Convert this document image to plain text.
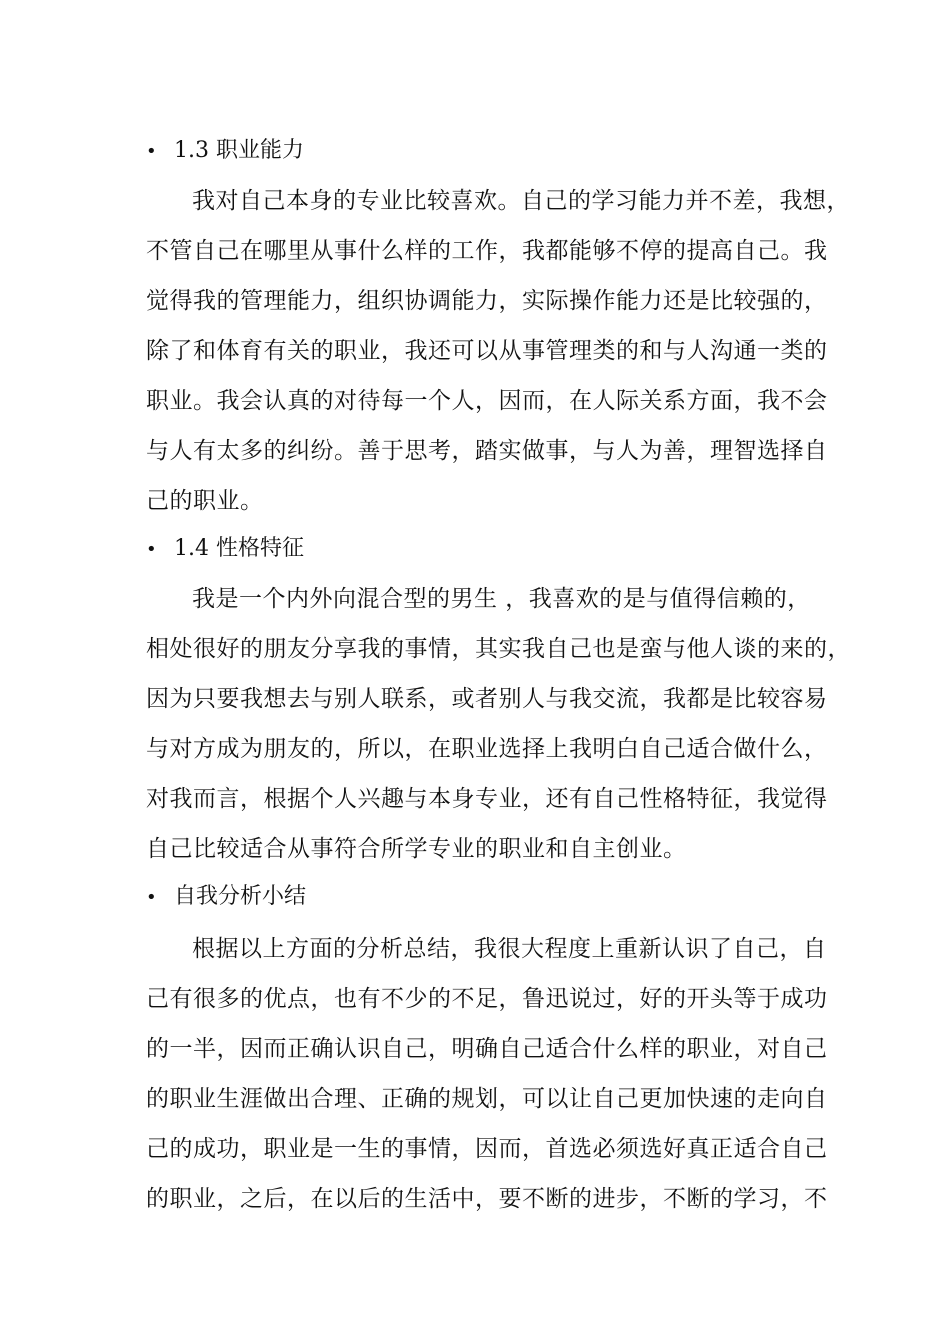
• 1.3 职业能力
我对自己本身的专业比较喜欢。自己的学习能力并不差，我想，
不管自己在哪里从事什么样的工作，我都能够不停的提高自己。我
觉得我的管理能力，组织协调能力，实际操作能力还是比较强的，
除了和体育有关的职业，我还可以从事管理类的和与人沟通一类的
职业。我会认真的对待每一个人，因而，在人际关系方面，我不会
与人有太多的纠纷。善于思考，踏实做事，与人为善，理智选择自
己的职业。
• 1.4 性格特征
我是一个内外向混合型的男生 ，我喜欢的是与值得信赖的，
相处很好的朋友分享我的事情，其实我自己也是蛮与他人谈的来的，
因为只要我想去与别人联系，或者别人与我交流，我都是比较容易
与对方成为朋友的，所以，在职业选择上我明白自己适合做什么，
对我而言，根据个人兴趣与本身专业，还有自己性格特征，我觉得
自己比较适合从事符合所学专业的职业和自主创业。
• 自我分析小结
根据以上方面的分析总结，我很大程度上重新认识了自己，自
己有很多的优点，也有不少的不足，鲁迅说过，好的开头等于成功
的一半，因而正确认识自己，明确自己适合什么样的职业，对自己
的职业生涯做出合理、正确的规划，可以让自己更加快速的走向自
己的成功，职业是一生的事情，因而，首选必须选好真正适合自己
的职业，之后，在以后的生活中，要不断的进步，不断的学习，不
